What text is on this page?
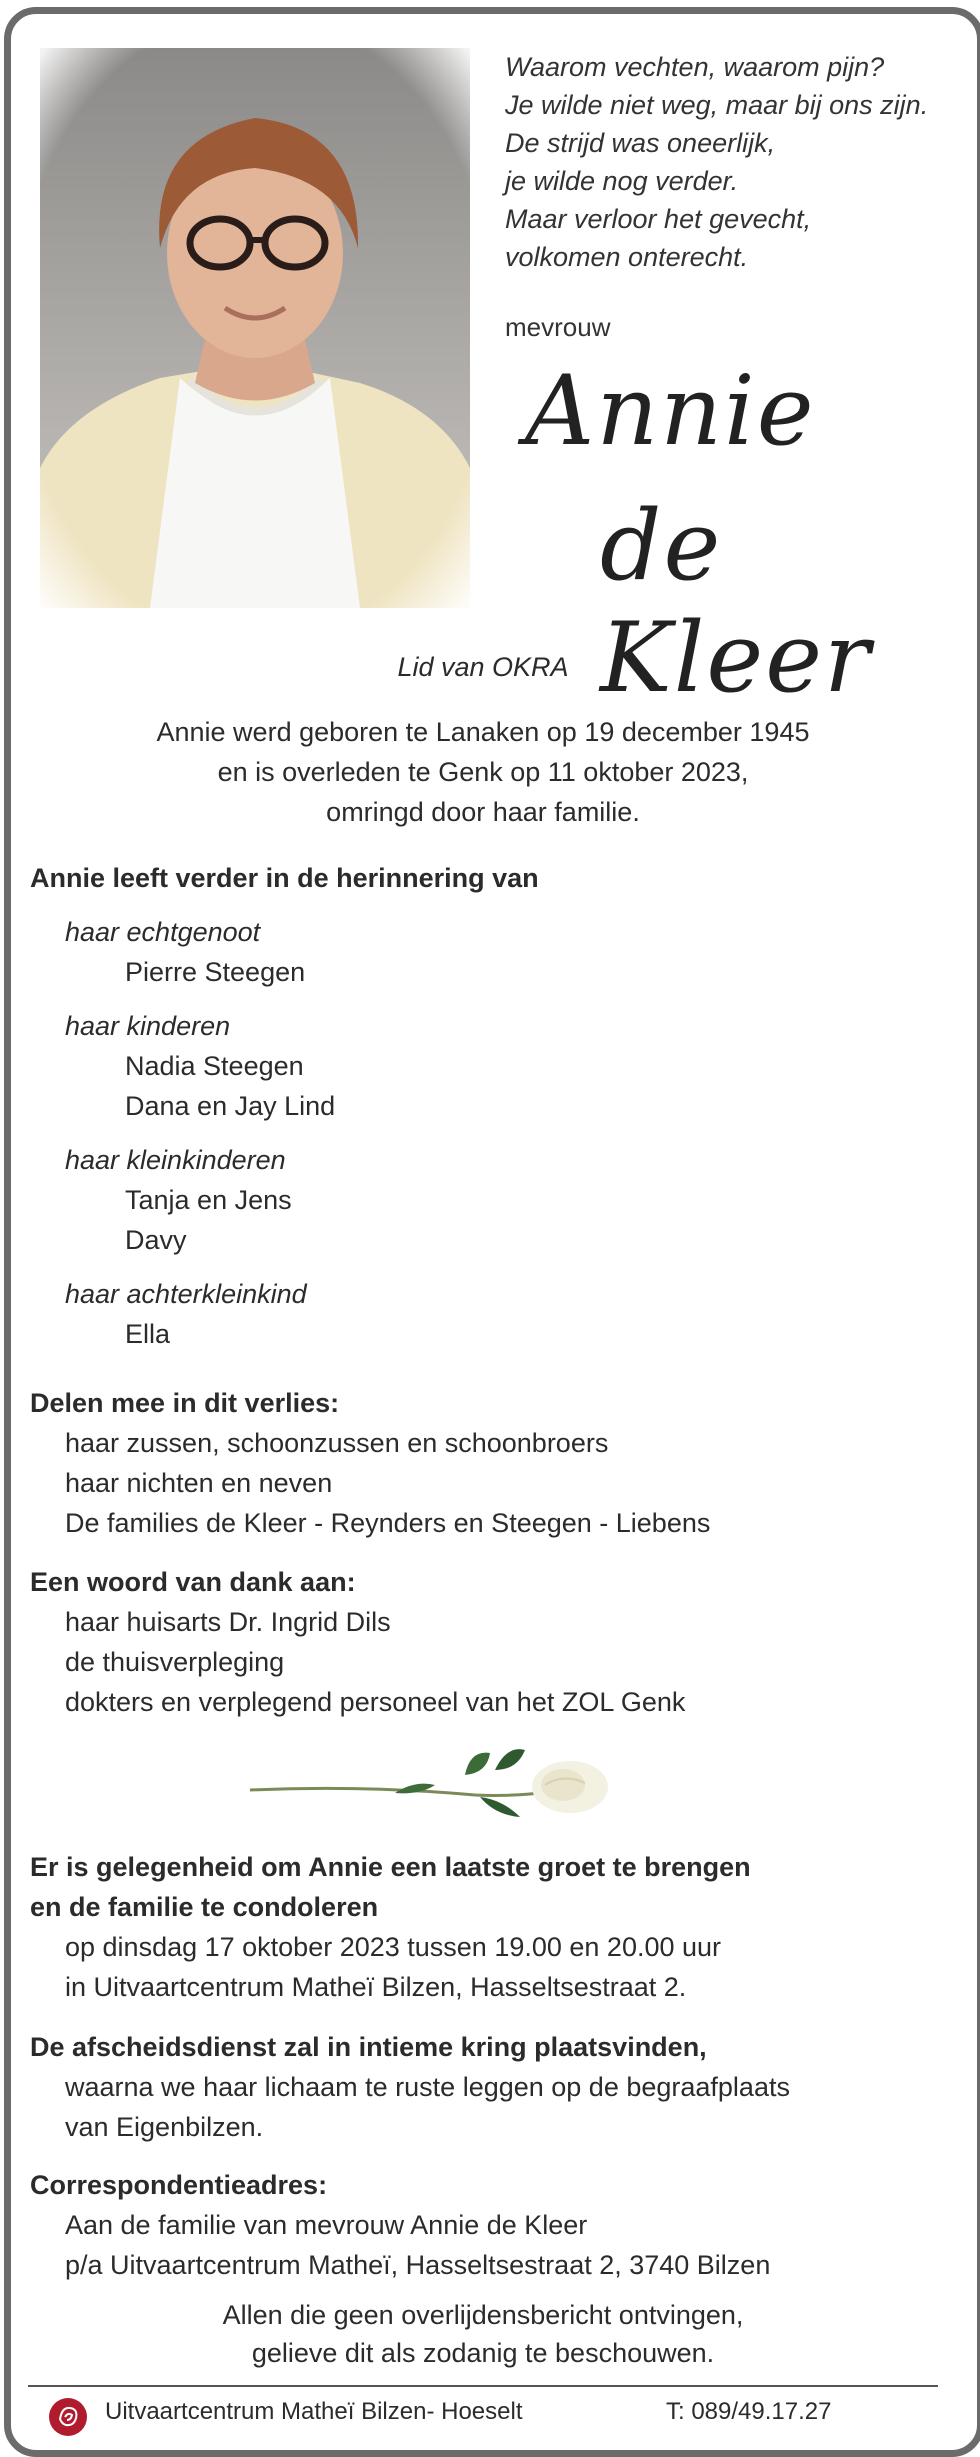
Waarom vechten, waarom pijn?
Je wilde niet weg, maar bij ons zijn.
De strijd was oneerlijk,
je wilde nog verder.
Maar verloor het gevecht,
volkomen onterecht.
mevrouw
Annie
de Kleer
Lid van OKRA
Annie werd geboren te Lanaken op 19 december 1945
en is overleden te Genk op 11 oktober 2023,
omringd door haar familie.
Annie leeft verder in de herinnering van
haar echtgenoot
Pierre Steegen
haar kinderen
Nadia Steegen
Dana en Jay Lind
haar kleinkinderen
Tanja en Jens
Davy
haar achterkleinkind
Ella
Delen mee in dit verlies:
haar zussen, schoonzussen en schoonbroers
haar nichten en neven
De families de Kleer - Reynders en Steegen - Liebens
Een woord van dank aan:
haar huisarts Dr. Ingrid Dils
de thuisverpleging
dokters en verplegend personeel van het ZOL Genk
Er is gelegenheid om Annie een laatste groet te brengen
en de familie te condoleren
op dinsdag 17 oktober 2023 tussen 19.00 en 20.00 uur
in Uitvaartcentrum Matheï Bilzen, Hasseltsestraat 2.
De afscheidsdienst zal in intieme kring plaatsvinden,
waarna we haar lichaam te ruste leggen op de begraafplaats
van Eigenbilzen.
Correspondentieadres:
Aan de familie van mevrouw Annie de Kleer
p/a Uitvaartcentrum Matheï, Hasseltsestraat 2, 3740 Bilzen
Allen die geen overlijdensbericht ontvingen,
gelieve dit als zodanig te beschouwen.
Uitvaartcentrum Matheï Bilzen- Hoeselt	T: 089/49.17.27
